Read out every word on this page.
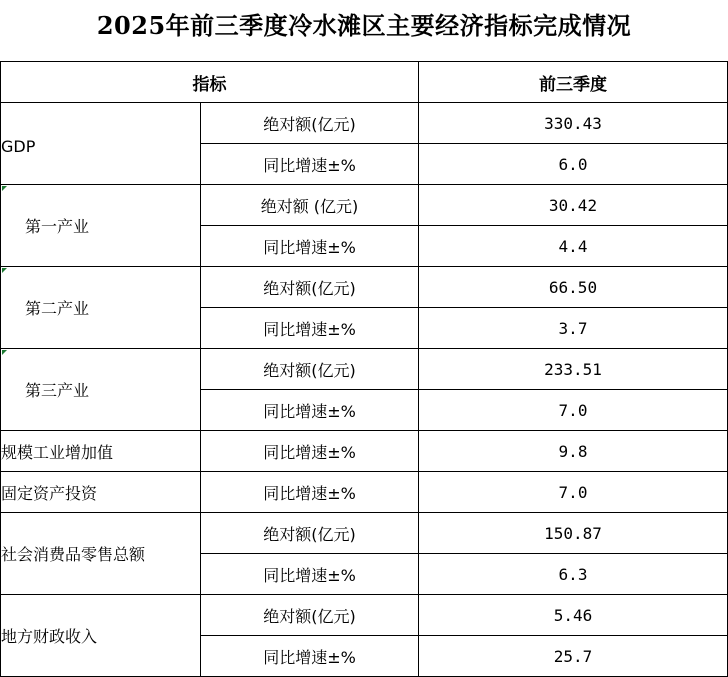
2025年前三季度冷水滩区主要经济指标完成情况
指标		前三季度
GDP	绝对额(亿元)	330.43
	同比增速±%	6.0
第一产业	绝对额 (亿元)	30.42
	同比增速±%	4.4
第二产业	绝对额(亿元)	66.50
	同比增速±%	3.7
第三产业	绝对额(亿元)	233.51
	同比增速±%	7.0
规模工业增加值	同比增速±%	9.8
固定资产投资	同比增速±%	7.0
社会消费品零售总额	绝对额(亿元)	150.87
	同比增速±%	6.3
地方财政收入	绝对额(亿元)	5.46
	同比增速±%	25.7
